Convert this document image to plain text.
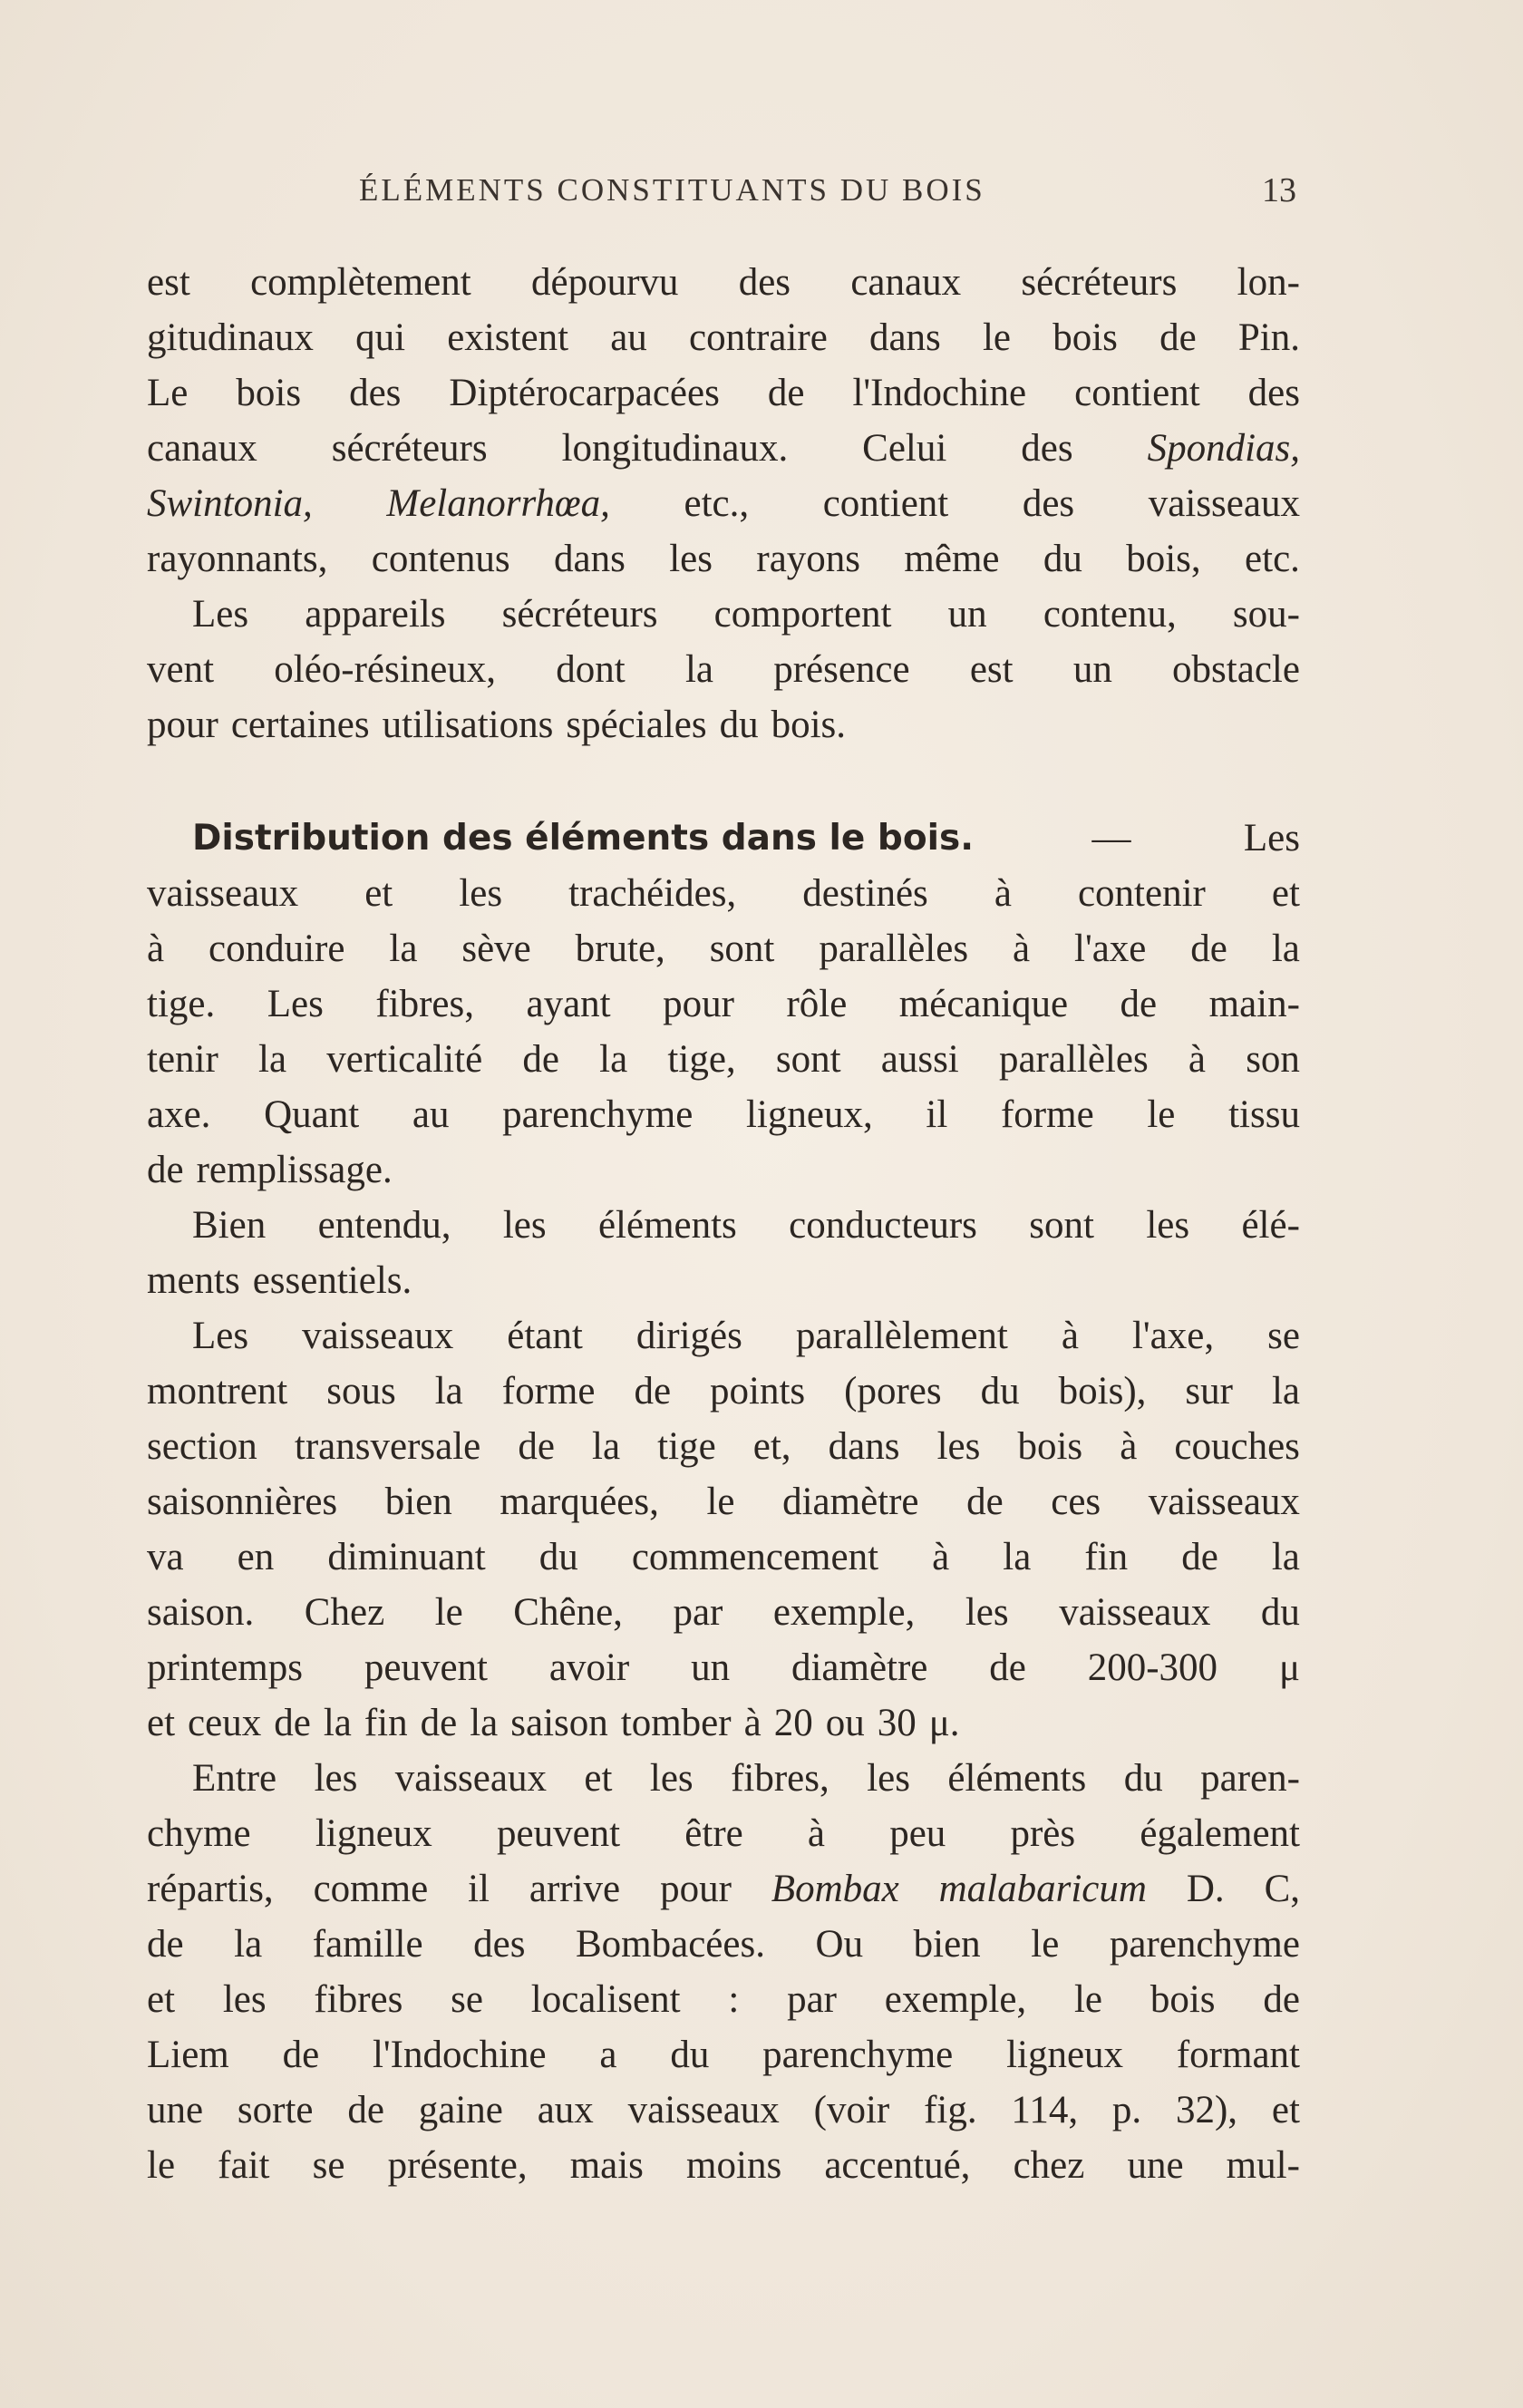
ÉLÉMENTS CONSTITUANTS DU BOIS	13
est complètement dépourvu des canaux sécréteurs lon-
gitudinaux qui existent au contraire dans le bois de Pin.
Le bois des Diptérocarpacées de l'Indochine contient des
canaux sécréteurs longitudinaux. Celui des Spondias,
Swintonia, Melanorrhœa, etc., contient des vaisseaux
rayonnants, contenus dans les rayons même du bois, etc.
Les appareils sécréteurs comportent un contenu, sou-
vent oléo-résineux, dont la présence est un obstacle
pour certaines utilisations spéciales du bois.
Distribution des éléments dans le bois.	—	Les
vaisseaux et les trachéides, destinés à contenir et
à conduire la sève brute, sont parallèles à l'axe de la
tige. Les fibres, ayant pour rôle mécanique de main-
tenir la verticalité de la tige, sont aussi parallèles à son
axe. Quant au parenchyme ligneux, il forme le tissu
de remplissage.
Bien entendu, les éléments conducteurs sont les élé-
ments essentiels.
Les vaisseaux étant dirigés parallèlement à l'axe, se
montrent sous la forme de points (pores du bois), sur la
section transversale de la tige et, dans les bois à couches
saisonnières bien marquées, le diamètre de ces vaisseaux
va en diminuant du commencement à la fin de la
saison. Chez le Chêne, par exemple, les vaisseaux du
printemps peuvent avoir un diamètre de 200-300 μ
et ceux de la fin de la saison tomber à 20 ou 30 μ.
Entre les vaisseaux et les fibres, les éléments du paren-
chyme ligneux peuvent être à peu près également
répartis, comme il arrive pour Bombax malabaricum D. C,
de la famille des Bombacées. Ou bien le parenchyme
et les fibres se localisent : par exemple, le bois de
Liem de l'Indochine a du parenchyme ligneux formant
une sorte de gaine aux vaisseaux (voir fig. 114, p. 32), et
le fait se présente, mais moins accentué, chez une mul-
